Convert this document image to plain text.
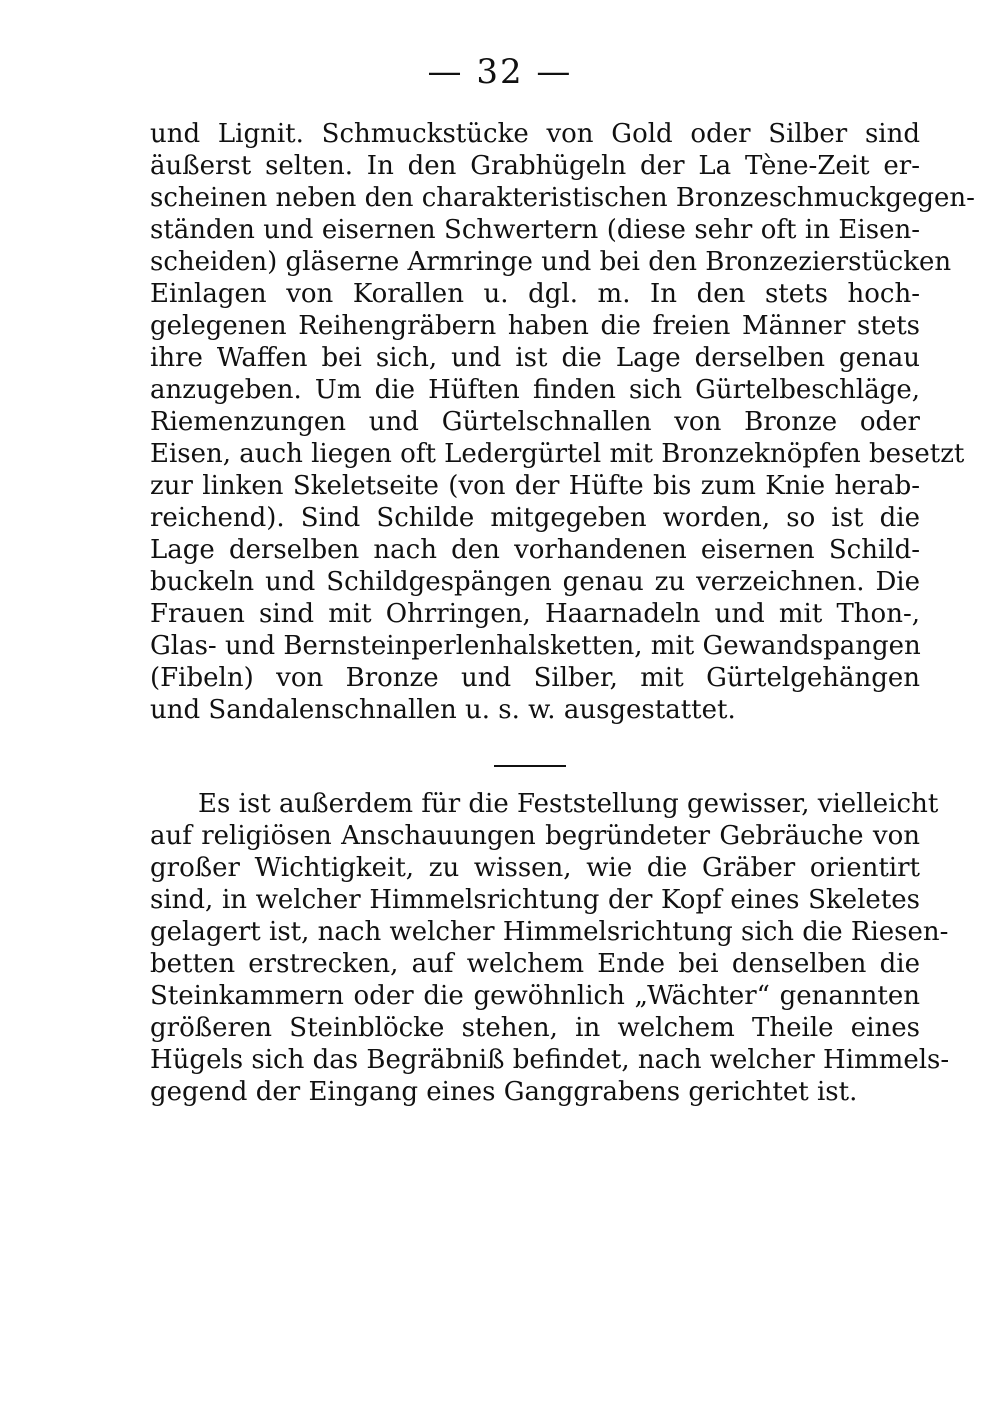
— 32 —
und Lignit. Schmuckstücke von Gold oder Silber sind
äußerst selten. In den Grabhügeln der La Tène-Zeit er-
scheinen neben den charakteristischen Bronzeschmuckgegen-
ständen und eisernen Schwertern (diese sehr oft in Eisen-
scheiden) gläserne Armringe und bei den Bronzezierstücken
Einlagen von Korallen u. dgl. m. In den stets hoch-
gelegenen Reihengräbern haben die freien Männer stets
ihre Waffen bei sich, und ist die Lage derselben genau
anzugeben. Um die Hüften finden sich Gürtelbeschläge,
Riemenzungen und Gürtelschnallen von Bronze oder
Eisen, auch liegen oft Ledergürtel mit Bronzeknöpfen besetzt
zur linken Skeletseite (von der Hüfte bis zum Knie herab-
reichend). Sind Schilde mitgegeben worden, so ist die
Lage derselben nach den vorhandenen eisernen Schild-
buckeln und Schildgespängen genau zu verzeichnen. Die
Frauen sind mit Ohrringen, Haarnadeln und mit Thon-,
Glas- und Bernsteinperlenhalsketten, mit Gewandspangen
(Fibeln) von Bronze und Silber, mit Gürtelgehängen
und Sandalenschnallen u. s. w. ausgestattet.
Es ist außerdem für die Feststellung gewisser, vielleicht
auf religiösen Anschauungen begründeter Gebräuche von
großer Wichtigkeit, zu wissen, wie die Gräber orientirt
sind, in welcher Himmelsrichtung der Kopf eines Skeletes
gelagert ist, nach welcher Himmelsrichtung sich die Riesen-
betten erstrecken, auf welchem Ende bei denselben die
Steinkammern oder die gewöhnlich „Wächter“ genannten
größeren Steinblöcke stehen, in welchem Theile eines
Hügels sich das Begräbniß befindet, nach welcher Himmels-
gegend der Eingang eines Ganggrabens gerichtet ist.
